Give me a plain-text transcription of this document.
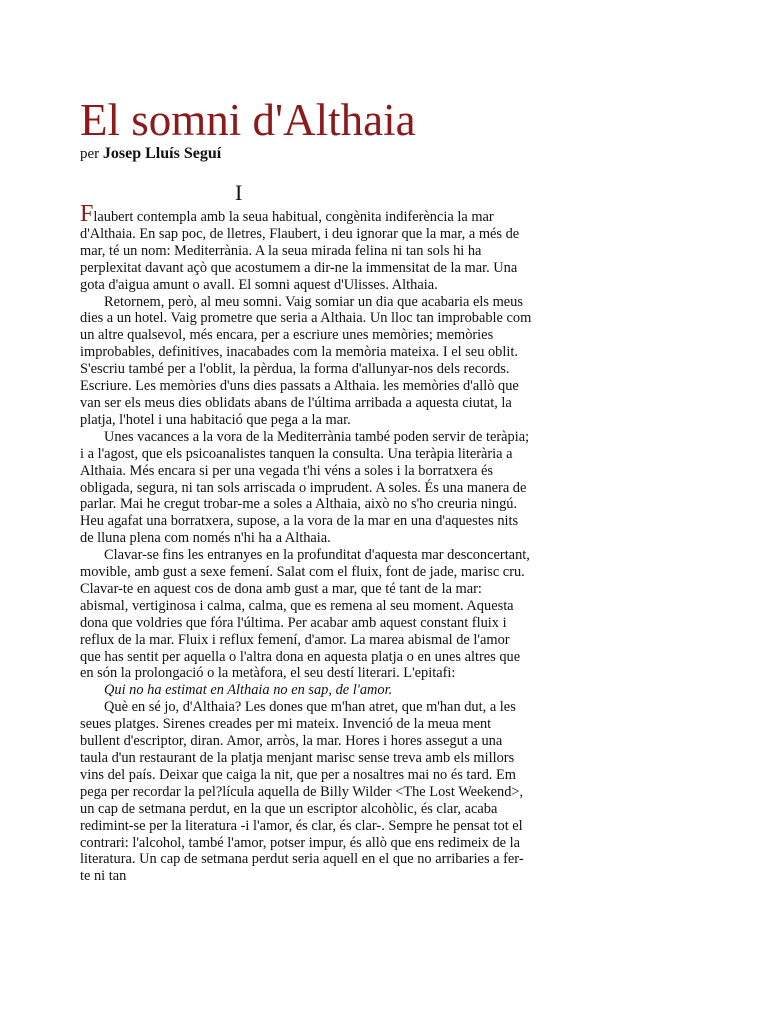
El somni d'Althaia
per Josep Lluís Seguí
I

Flaubert contempla amb la seua habitual, congènita indiferència la mar d'Althaia. En sap poc, de lletres, Flaubert, i deu ignorar que la mar, a més de mar, té un nom: Mediterrània. A la seua mirada felina ni tan sols hi ha perplexitat davant açò que acostumem a dir-ne la immensitat de la mar. Una gota d'aigua amunt o avall. El somni aquest d'Ulisses. Althaia.

Retornem, però, al meu somni. Vaig somiar un dia que acabaria els meus dies a un hotel. Vaig prometre que seria a Althaia. Un lloc tan improbable com un altre qualsevol, més encara, per a escriure unes memòries; memòries improbables, definitives, inacabades com la memòria mateixa. I el seu oblit. S'escriu també per a l'oblit, la pèrdua, la forma d'allunyar-nos dels records. Escriure. Les memòries d'uns dies passats a Althaia. les memòries d'allò que van ser els meus dies oblidats abans de l'última arribada a aquesta ciutat, la platja, l'hotel i una habitació que pega a la mar.

Unes vacances a la vora de la Mediterrània també poden servir de teràpia; i a l'agost, que els psicoanalistes tanquen la consulta. Una teràpia literària a Althaia. Més encara si per una vegada t'hi véns a soles i la borratxera és obligada, segura, ni tan sols arriscada o imprudent. A soles. És una manera de parlar. Mai he cregut trobar-me a soles a Althaia, això no s'ho creuria ningú. Heu agafat una borratxera, supose, a la vora de la mar en una d'aquestes nits de lluna plena com només n'hi ha a Althaia.

Clavar-se fins les entranyes en la profunditat d'aquesta mar desconcertant, movible, amb gust a sexe femení. Salat com el fluix, font de jade, marisc cru. Clavar-te en aquest cos de dona amb gust a mar, que té tant de la mar: abismal, vertiginosa i calma, calma, que es remena al seu moment. Aquesta dona que voldries que fóra l'última. Per acabar amb aquest constant fluix i reflux de la mar. Fluix i reflux femení, d'amor. La marea abismal de l'amor que has sentit per aquella o l'altra dona en aquesta platja o en unes altres que en són la prolongació o la metàfora, el seu destí literari. L'epitafi:

Qui no ha estimat en Althaia no en sap, de l'amor.

Què en sé jo, d'Althaia? Les dones que m'han atret, que m'han dut, a les seues platges. Sirenes creades per mi mateix. Invenció de la meua ment bullent d'escriptor, diran. Amor, arròs, la mar. Hores i hores assegut a una taula d'un restaurant de la platja menjant marisc sense treva amb els millors vins del país. Deixar que caiga la nit, que per a nosaltres mai no és tard. Em pega per recordar la pel?lícula aquella de Billy Wilder <The Lost Weekend>, un cap de setmana perdut, en la que un escriptor alcohòlic, és clar, acaba redimint-se per la literatura -i l'amor, és clar, és clar-. Sempre he pensat tot el contrari: l'alcohol, també l'amor, potser impur, és allò que ens redimeix de la literatura. Un cap de setmana perdut seria aquell en el que no arribaries a fer-te ni tan
